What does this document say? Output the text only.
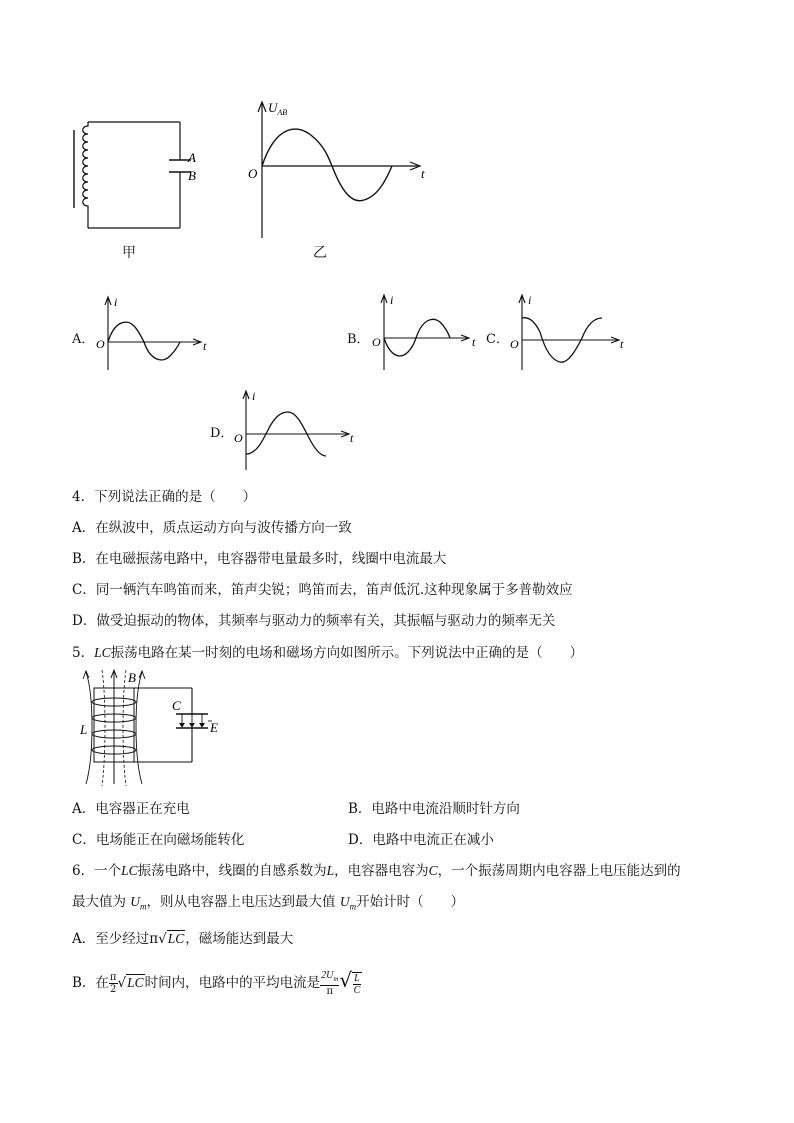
A
B
甲
$U_{AB}$
O	t
乙
A．
i
O	t	B．
i
O	t C．
i
O	t
D．
i
O	t
4．下列说法正确的是（　　）
A．在纵波中，质点运动方向与波传播方向一致
B．在电磁振荡电路中，电容器带电量最多时，线圈中电流最大
C．同一辆汽车鸣笛而来，笛声尖锐；鸣笛而去，笛声低沉.这种现象属于多普勒效应
D．做受迫振动的物体，其频率与驱动力的频率有关，其振幅与驱动力的频率无关
5．LC振荡电路在某一时刻的电场和磁场方向如图所示。下列说法中正确的是（　　）
B
C
E
L
A．电容器正在充电	B．电路中电流沿顺时针方向
C．电场能正在向磁场能转化	D．电路中电流正在减小
6．一个LC振荡电路中，线圈的自感系数为L，电容器电容为C，一个振荡周期内电容器上电压能达到的
最大值为 $U_m$，则从电容器上电压达到最大值 $U_m$开始计时（　　）
A．至少经过π√LC，磁场能达到最大
B．在 $\frac{\pi}{2} √LC$时间内，电路中的平均电流是 $\frac{2U_m}{\pi}$ √ $\frac{L}{C}$
